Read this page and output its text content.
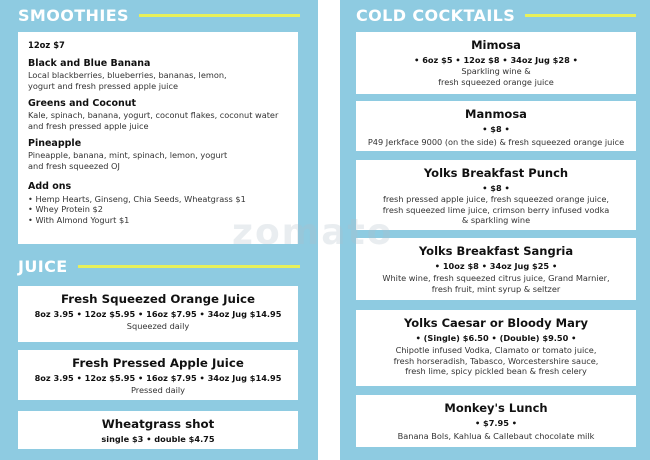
SMOOTHIES
12oz $7
Black and Blue Banana
Local blackberries, blueberries, bananas, lemon,
yogurt and fresh pressed apple juice
Greens and Coconut
Kale, spinach, banana, yogurt, coconut flakes, coconut water
and fresh pressed apple juice
Pineapple
Pineapple, banana, mint, spinach, lemon, yogurt
and fresh squeezed OJ
Add ons
• Hemp Hearts, Ginseng, Chia Seeds, Wheatgrass $1
• Whey Protein $2
• With Almond Yogurt $1
JUICE
Fresh Squeezed Orange Juice
8oz 3.95 • 12oz $5.95 • 16oz $7.95 • 34oz Jug $14.95
Squeezed daily
Fresh Pressed Apple Juice
8oz 3.95 • 12oz $5.95 • 16oz $7.95 • 34oz Jug $14.95
Pressed daily
Wheatgrass shot
single $3 • double $4.75
COLD COCKTAILS
Mimosa
• 6oz $5 • 12oz $8 • 34oz Jug $28 •
Sparkling wine &
fresh squeezed orange juice
Manmosa
• $8 •
P49 Jerkface 9000 (on the side) & fresh squeezed orange juice
Yolks Breakfast Punch
• $8 •
fresh pressed apple juice, fresh squeezed orange juice,
fresh squeezed lime juice, crimson berry infused vodka
& sparkling wine
Yolks Breakfast Sangria
• 10oz $8 • 34oz Jug $25 •
White wine, fresh squeezed citrus juice, Grand Marnier,
fresh fruit, mint syrup & seltzer
Yolks Caesar or Bloody Mary
• (Single) $6.50 • (Double) $9.50 •
Chipotle infused Vodka, Clamato or tomato juice,
fresh horseradish, Tabasco, Worcestershire sauce,
fresh lime, spicy pickled bean & fresh celery
Monkey's Lunch
• $7.95 •
Banana Bols, Kahlua & Callebaut chocolate milk
zomato
